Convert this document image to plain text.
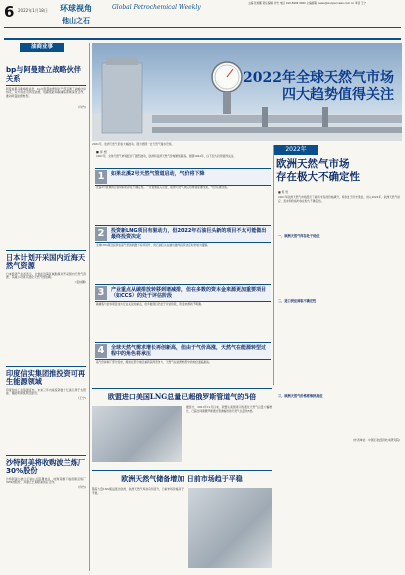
6 2022年1月18日 环球视角	Global Petrochemical Weekly
主编 张柏鹏 责任编辑 许竹 电话 010-5999 0000 主编邮箱 news@sinopecnews.com.cn 审读 王宁
他山之石
油商业事
bp与阿曼建立战略伙伴关系
阿曼首都马斯喀特消息，bp与阿曼能源和矿产部签署了战略伙伴协议，双方将在可再生能源、低碳氢能和碳捕集领域深化合作，推动阿曼能源转型。

(许竹)
日本计划开采国内近海天然气资源
日本经济产业省表示，计划在近海区域勘探并开采国内天然气资源，以减少对进口液化天然气的依赖。
(张柏鹏)
印度信实集团推投资可再生能源领域
印度信实工业集团宣布，未来三年内将投资数十亿美元用于太阳能、储能和绿氢项目建设。
(王宁)
沙特阿美将收购波兰炼厂30%股份
沙特阿美与波兰石油公司签署协议，收购其旗下格但斯克炼厂30%的股份，并建立长期原油供应合作。
(许竹)
2022年全球天然气市场
四大趋势值得关注
2021年，欧洲天然气价格大幅波动。图为德国一处天然气储存设施。
■ 李 想
2021年，全球天然气市场经历了剧烈波动，欧洲和亚洲天然气价格屡创新高。展望2022年，以下四大趋势值得关注。
1	如果北溪2号天然气管道启动，气价将下降
北溪2号管道的运营时间仍存在不确定性。一旦管道投入运营，欧洲天然气供应将得到显著改善，气价有望回落。
2	投资新LNG项目有驱动力，但2022年石油巨头新的项目不太可能做出最终投资决定
全球LNG项目投资在高气价的刺激下有所回升，但石油巨头在做出最终投资决定时仍较为谨慎。
3	产业重点从碳排放转移到诸减排，但在多数的资本金来源更加重要项目（如CCS）的处于评估阶段
碳捕集与封存项目成为行业关注的重点，但多数项目仍处于评估阶段，资金来源尚不明确。
4	全球天然气需求增长再创新高，但由于气价高涨，天然气在能源转型过程中的角色将承压
高气价抑制了部分需求，煤炭在部分地区重新获得竞争力，天然气在能源转型中的地位面临挑战。
2022年
欧洲天然气市场
存在极大不确定性
■ 郑 雪
2021年欧洲天然气市场经历了前所未有的价格飙升，库存处于历史低位。进入2022年，欧洲天然气供应、需求和价格均存在较大不确定性。
一、欧洲天然气库存处于低位
二、进口供应面临不确定性
三、欧洲天然气价格将维持高位
(作者单位：中国石化经济技术研究院)
欧盟进口美国LNG总量已超俄罗斯管道气的5倍
据统计，2021年12月以来，欧盟从美国进口的液化天然气总量大幅增长，已超过同期俄罗斯通过管道输送的天然气总量的5倍。
欧洲天然气储备增加 日前市场趋于平稳
随着大量LNG船货抵达欧洲，欧洲天然气库存有所回升，日前市场价格趋于平稳。
